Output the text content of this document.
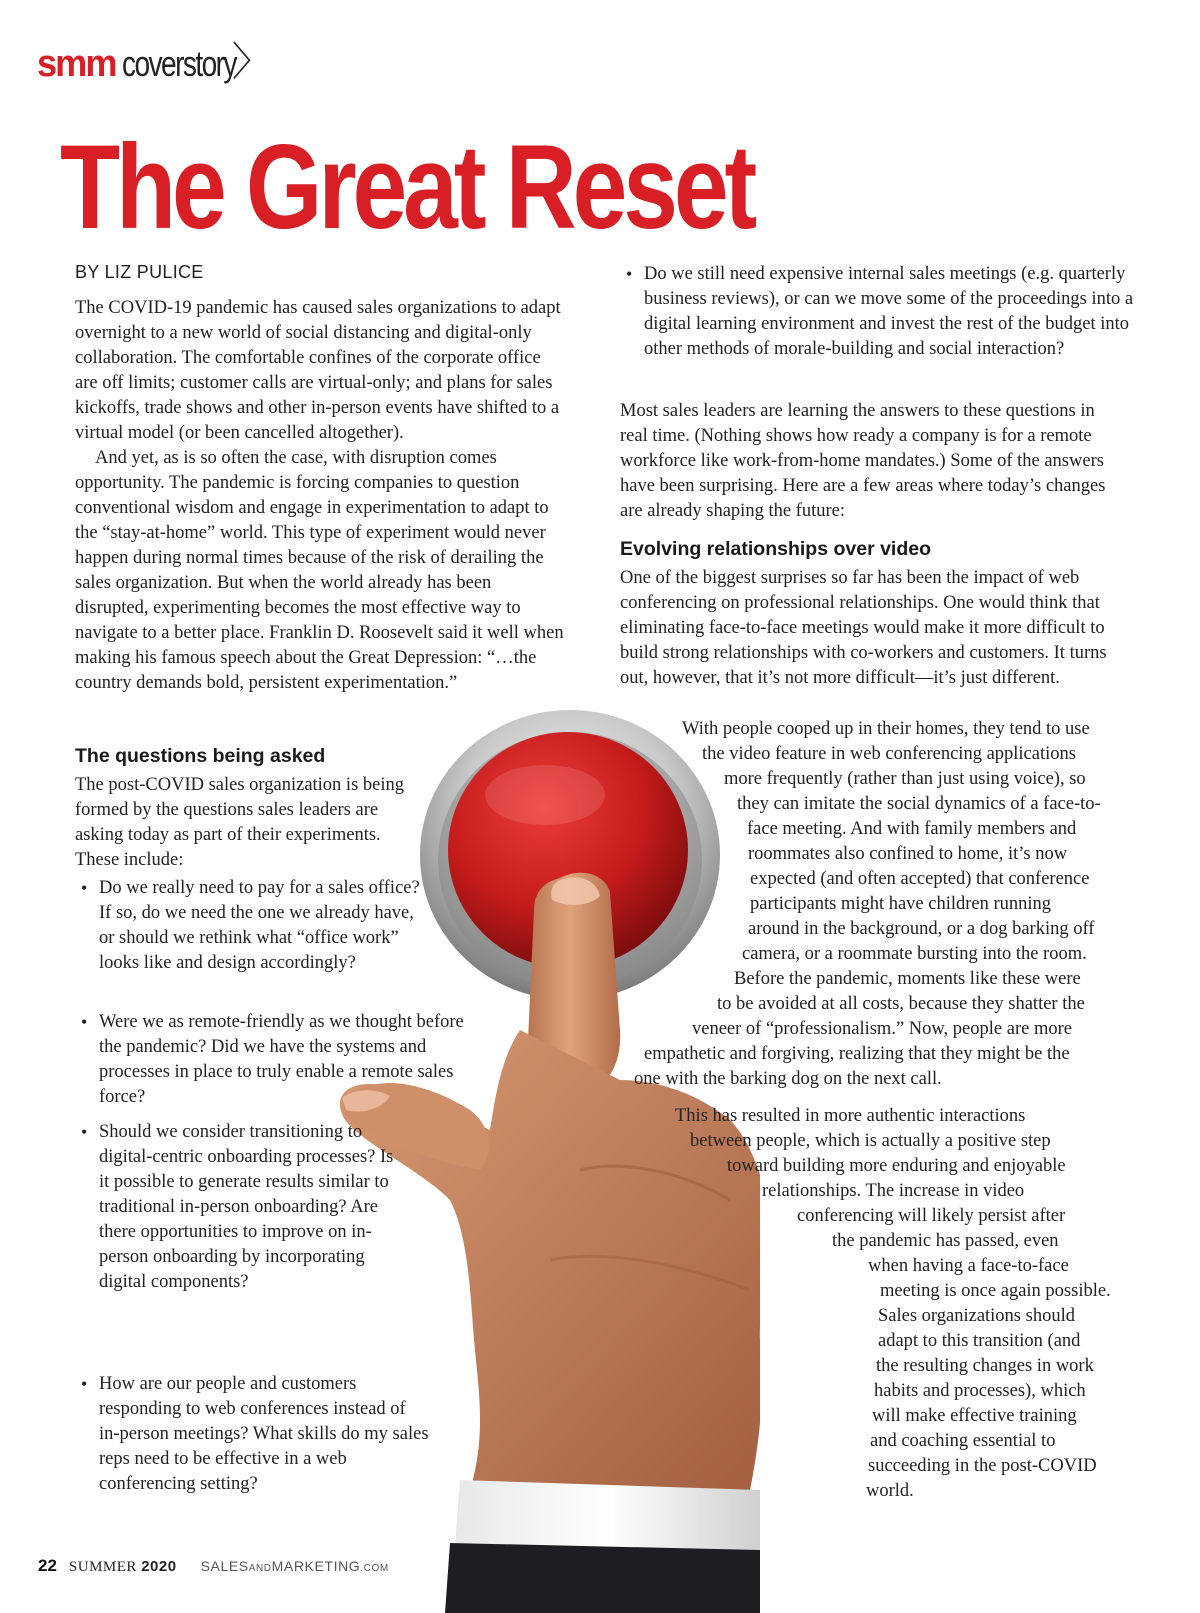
smm coverstory
〉
The Great Reset
BY LIZ PULICE

The COVID-19 pandemic has caused sales organizations to adapt overnight to a new world of social distancing and digital-only collaboration. The comfortable confines of the corporate office are off limits; customer calls are virtual-only; and plans for sales kickoffs, trade shows and other in-person events have shifted to a virtual model (or been cancelled altogether).

And yet, as is so often the case, with disruption comes opportunity. The pandemic is forcing companies to question conventional wisdom and engage in experimentation to adapt to the “stay-at-home” world. This type of experiment would never happen during normal times because of the risk of derailing the sales organization. But when the world already has been disrupted, experimenting becomes the most effective way to navigate to a better place. Franklin D. Roosevelt said it well when making his famous speech about the Great Depression: “…the country demands bold, persistent experimentation.”

The questions being asked

The post-COVID sales organization is being formed by the questions sales leaders are asking today as part of their experiments. These include:

• Do we really need to pay for a sales office? If so, do we need the one we already have, or should we rethink what “office work” looks like and design accordingly?
• Were we as remote-friendly as we thought before the pandemic? Did we have the systems and processes in place to truly enable a remote sales force?
• Should we consider transitioning to digital-centric onboarding processes? Is it possible to generate results similar to traditional in-person onboarding? Are there opportunities to improve on in-person onboarding by incorporating digital components?
• How are our people and customers responding to web conferences instead of in-person meetings? What skills do my sales reps need to be effective in a web conferencing setting?
• Do we still need expensive internal sales meetings (e.g. quarterly business reviews), or can we move some of the proceedings into a digital learning environment and invest the rest of the budget into other methods of morale-building and social interaction?

Most sales leaders are learning the answers to these questions in real time. (Nothing shows how ready a company is for a remote workforce like work-from-home mandates.) Some of the answers have been surprising. Here are a few areas where today’s changes are already shaping the future:

Evolving relationships over video

One of the biggest surprises so far has been the impact of web conferencing on professional relationships. One would think that eliminating face-to-face meetings would make it more difficult to build strong relationships with co-workers and customers. It turns out, however, that it’s not more difficult—it’s just different.

With people cooped up in their homes, they tend to use
the video feature in web conferencing applications
more frequently (rather than just using voice), so
they can imitate the social dynamics of a face-to-
face meeting. And with family members and
roommates also confined to home, it’s now
expected (and often accepted) that conference
participants might have children running
around in the background, or a dog barking off
camera, or a roommate bursting into the room.
Before the pandemic, moments like these were
to be avoided at all costs, because they shatter the
veneer of “professionalism.” Now, people are more
empathetic and forgiving, realizing that they might be the
one with the barking dog on the next call.
This has resulted in more authentic interactions
between people, which is actually a positive step
toward building more enduring and enjoyable
relationships. The increase in video
conferencing will likely persist after
the pandemic has passed, even
when having a face-to-face
meeting is once again possible.
Sales organizations should
adapt to this transition (and
the resulting changes in work
habits and processes), which
will make effective training
and coaching essential to
succeeding in the post-COVID
world.
22 SUMMER 2020 SALESANDMARKETING.COM
